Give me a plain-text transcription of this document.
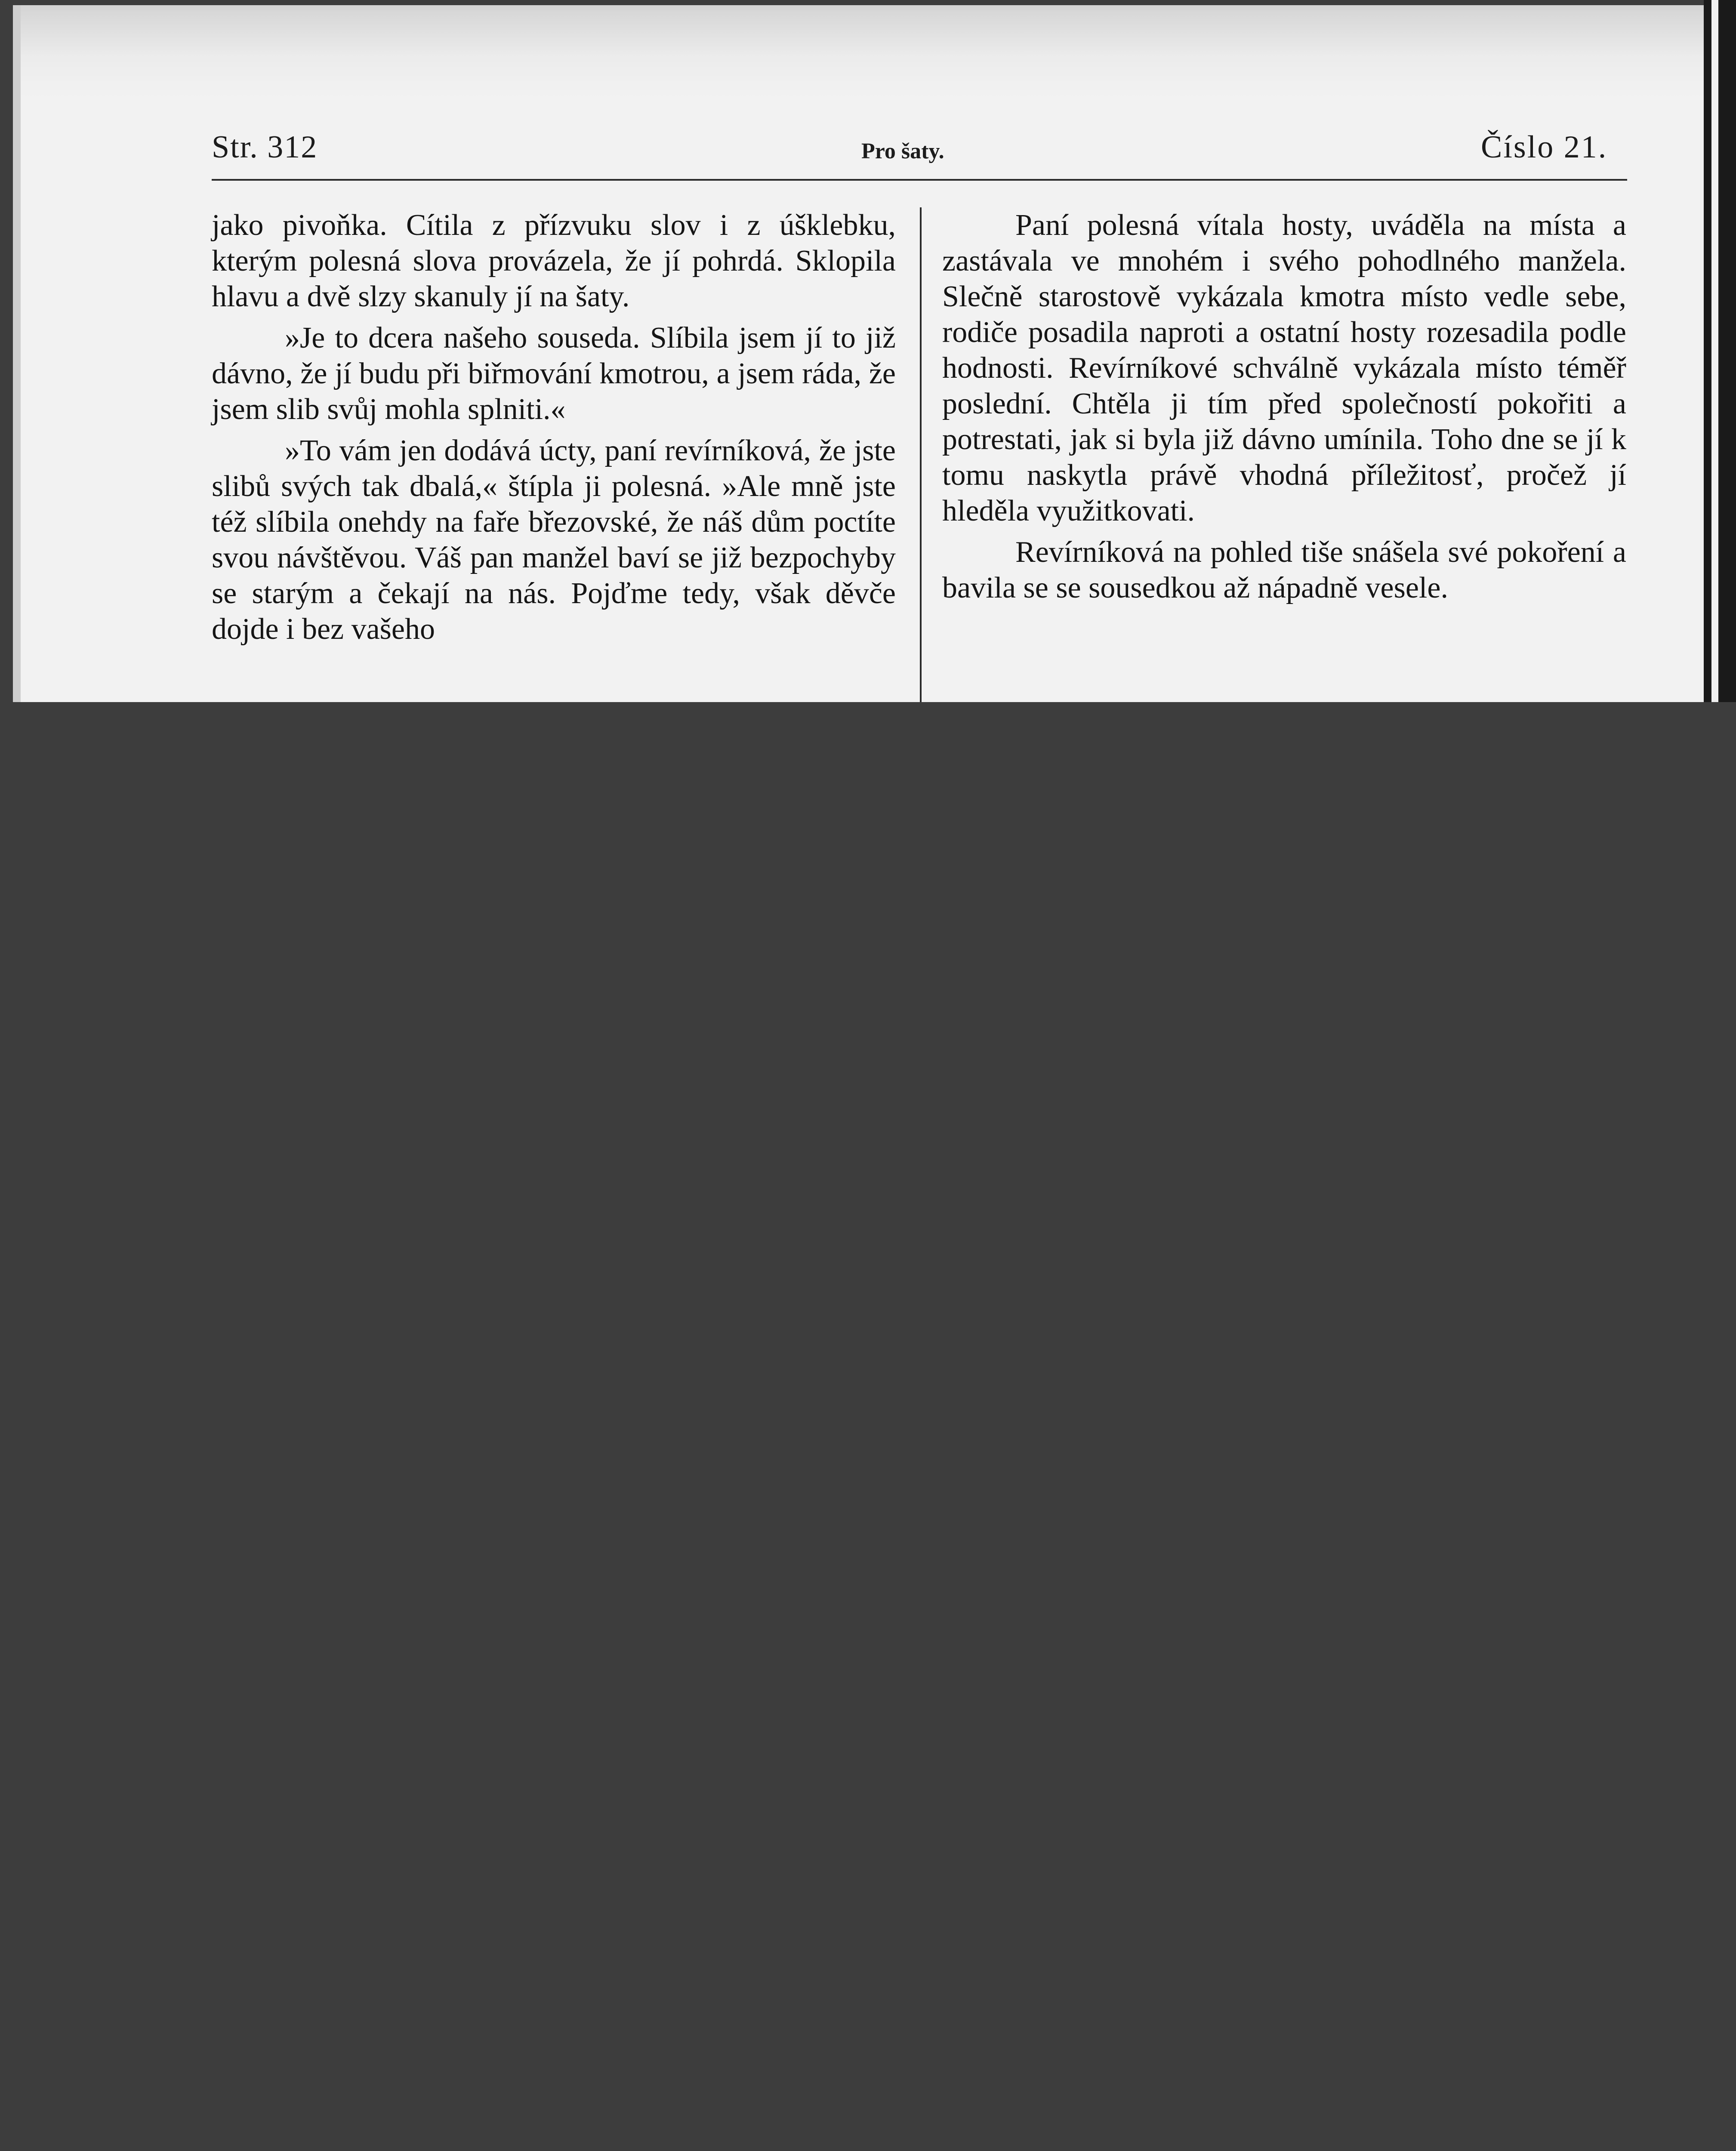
Str. 312	Pro šaty.	Číslo 21.

jako pivoňka. Cítila z přízvuku slov i z úšklebku, kterým polesná slova provázela, že jí pohrdá. Sklopila hlavu a dvě slzy skanuly jí na šaty.

»Je to dcera našeho souseda. Slíbila jsem jí to již dávno, že jí budu při biřmování kmotrou, a jsem ráda, že jsem slib svůj mohla splniti.«

»To vám jen dodává úcty, paní revírníková, že jste slibů svých tak dbalá,« štípla ji polesná. »Ale mně jste též slíbila onehdy na faře březovské, že náš dům poctíte svou návštěvou. Váš pan manžel baví se již bezpochyby se starým a čekají na nás. Pojďme tedy, však děvče dojde i bez vašeho

Paní polesná vítala hosty, uváděla na místa a zastávala ve mnohém i svého pohodlného manžela. Slečně starostově vykázala kmotra místo vedle sebe, rodiče posadila naproti a ostatní hosty rozesadila podle hodnosti. Revírníkové schválně vykázala místo téměř poslední. Chtěla ji tím před společností pokořiti a potrestati, jak si byla již dávno umínila. Toho dne se jí k tomu naskytla právě vhodná příležitosť, pročež jí hleděla využitkovati.

Revírníková na pohled tiše snášela své pokoření a bavila se se sousedkou až nápadně vesele.
